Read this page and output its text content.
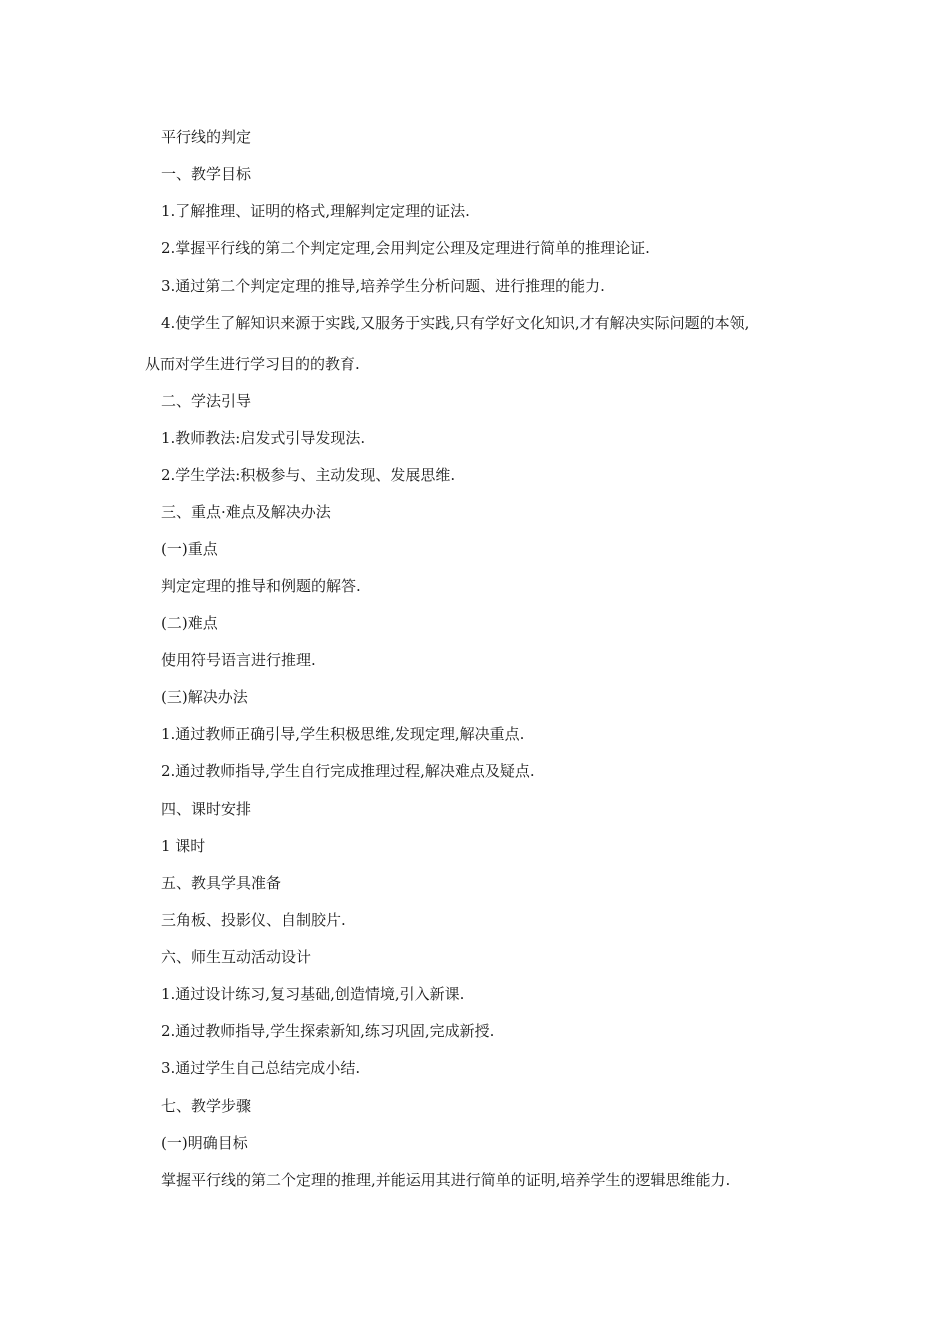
平行线的判定
一、教学目标
1.了解推理、证明的格式,理解判定定理的证法.
2.掌握平行线的第二个判定定理,会用判定公理及定理进行简单的推理论证.
3.通过第二个判定定理的推导,培养学生分析问题、进行推理的能力.
4.使学生了解知识来源于实践,又服务于实践,只有学好文化知识,才有解决实际问题的本领,
从而对学生进行学习目的的教育.
二、学法引导
1.教师教法:启发式引导发现法.
2.学生学法:积极参与、主动发现、发展思维.
三、重点·难点及解决办法
(一)重点
判定定理的推导和例题的解答.
(二)难点
使用符号语言进行推理.
(三)解决办法
1.通过教师正确引导,学生积极思维,发现定理,解决重点.
2.通过教师指导,学生自行完成推理过程,解决难点及疑点.
四、课时安排
1 课时
五、教具学具准备
三角板、投影仪、自制胶片.
六、师生互动活动设计
1.通过设计练习,复习基础,创造情境,引入新课.
2.通过教师指导,学生探索新知,练习巩固,完成新授.
3.通过学生自己总结完成小结.
七、教学步骤
(一)明确目标
掌握平行线的第二个定理的推理,并能运用其进行简单的证明,培养学生的逻辑思维能力.
